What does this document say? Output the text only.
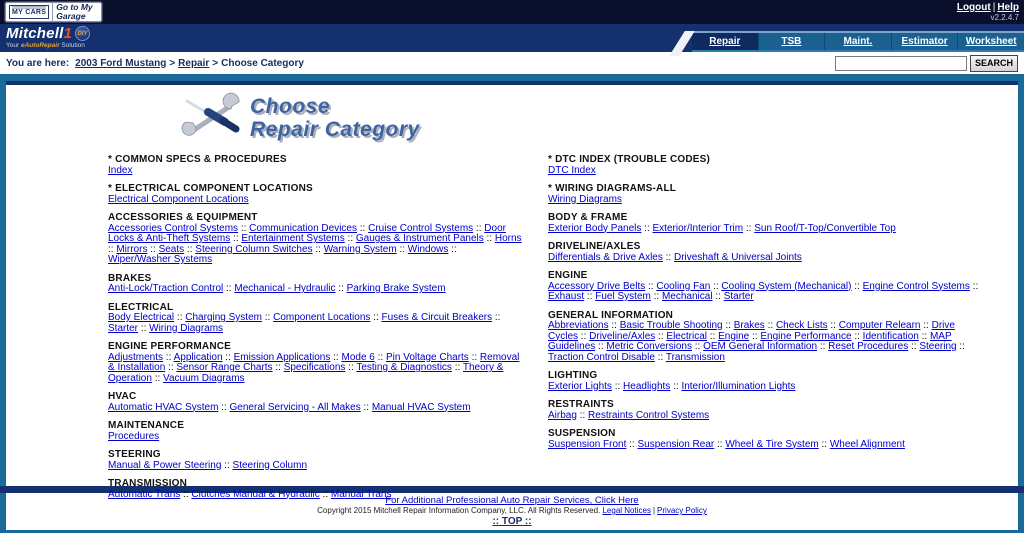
MY CARS
Go to My Garage
Logout | Help
v2.2.4.7
Mitchell1 DIY
Your eAutoRepair Solution	Repair	TSB	Maint.	Estimator	Worksheet
You are here: 2003 Ford Mustang > Repair > Choose Category	SEARCH
Choose
Repair Category
* COMMON SPECS & PROCEDURES
Index
* ELECTRICAL COMPONENT LOCATIONS
Electrical Component Locations
ACCESSORIES & EQUIPMENT
Accessories Control Systems :: Communication Devices :: Cruise Control Systems :: Door Locks & Anti-Theft Systems :: Entertainment Systems :: Gauges & Instrument Panels :: Horns :: Mirrors :: Seats :: Steering Column Switches :: Warning System :: Windows :: Wiper/Washer Systems
BRAKES
Anti-Lock/Traction Control :: Mechanical - Hydraulic :: Parking Brake System
ELECTRICAL
Body Electrical :: Charging System :: Component Locations :: Fuses & Circuit Breakers :: Starter :: Wiring Diagrams
ENGINE PERFORMANCE
Adjustments :: Application :: Emission Applications :: Mode 6 :: Pin Voltage Charts :: Removal & Installation :: Sensor Range Charts :: Specifications :: Testing & Diagnostics :: Theory & Operation :: Vacuum Diagrams
HVAC
Automatic HVAC System :: General Servicing - All Makes :: Manual HVAC System
MAINTENANCE
Procedures
STEERING
Manual & Power Steering :: Steering Column
TRANSMISSION
Automatic Trans :: Clutches Manual & Hydraulic :: Manual Trans
* DTC INDEX (TROUBLE CODES)
DTC Index
* WIRING DIAGRAMS-ALL
Wiring Diagrams
BODY & FRAME
Exterior Body Panels :: Exterior/Interior Trim :: Sun Roof/T-Top/Convertible Top
DRIVELINE/AXLES
Differentials & Drive Axles :: Driveshaft & Universal Joints
ENGINE
Accessory Drive Belts :: Cooling Fan :: Cooling System (Mechanical) :: Engine Control Systems :: Exhaust :: Fuel System :: Mechanical :: Starter
GENERAL INFORMATION
Abbreviations :: Basic Trouble Shooting :: Brakes :: Check Lists :: Computer Relearn :: Drive Cycles :: Driveline/Axles :: Electrical :: Engine :: Engine Performance :: Identification :: MAP Guidelines :: Metric Conversions :: OEM General Information :: Reset Procedures :: Steering :: Traction Control Disable :: Transmission
LIGHTING
Exterior Lights :: Headlights :: Interior/Illumination Lights
RESTRAINTS
Airbag :: Restraints Control Systems
SUSPENSION
Suspension Front :: Suspension Rear :: Wheel & Tire System :: Wheel Alignment
For Additional Professional Auto Repair Services, Click Here
Copyright 2015 Mitchell Repair Information Company, LLC. All Rights Reserved. Legal Notices | Privacy Policy
:: TOP ::
